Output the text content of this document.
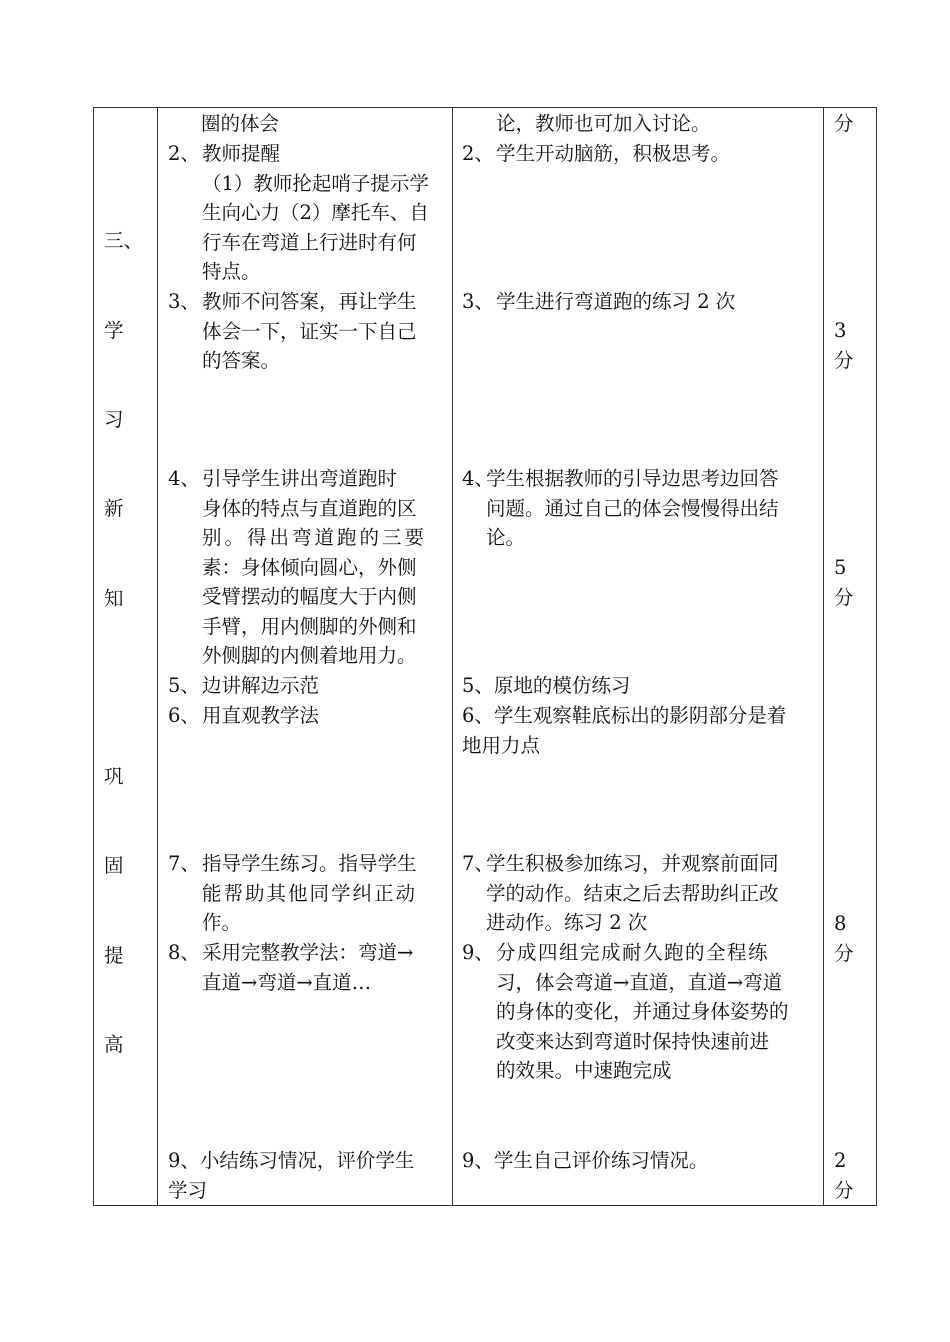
三、

学

习

新

知

巩

固

提

高

圈的体会

2、 教师提醒
（1）教师抡起哨子提示学
生向心力（2）摩托车、自
行车在弯道上行进时有何
特点。
3、 教师不问答案，再让学生
体会一下，证实一下自己
的答案。
4、 引导学生讲出弯道跑时
身体的特点与直道跑的区
别。得出弯道跑的三要
素：身体倾向圆心，外侧
受臂摆动的幅度大于内侧
手臂，用内侧脚的外侧和
外侧脚的内侧着地用力。
5、 边讲解边示范
6、 用直观教学法
7、 指导学生练习。指导学生
能帮助其他同学纠正动
作。
8、 采用完整教学法：弯道→
直道→弯道→直道…
9、小结练习情况，评价学生
学习

论，教师也可加入讨论。

2、 学生开动脑筋，积极思考。
3、 学生进行弯道跑的练习 2 次
4、
学生根据教师的引导边思考边回答
问题。通过自己的体会慢慢得出结
论。
5、原地的模仿练习
6、学生观察鞋底标出的影阴部分是着
地用力点
7、
学生积极参加练习，并观察前面同
学的动作。结束之后去帮助纠正改
进动作。练习 2 次
9、 分成四组完成耐久跑的全程练
习，体会弯道→直道，直道→弯道
的身体的变化，并通过身体姿势的
改变来达到弯道时保持快速前进
的效果。中速跑完成
9、学生自己评价练习情况。

分

3

分

5

分

8

分

2

分
